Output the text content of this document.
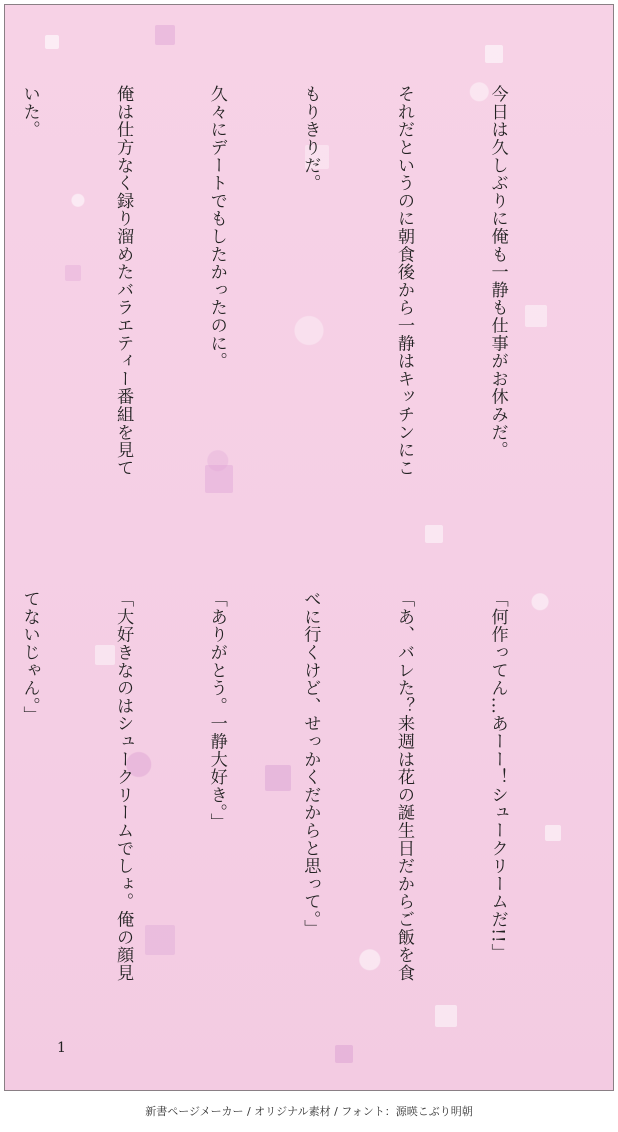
今日は久しぶりに俺も一静も仕事がお休みだ。

それだというのに朝食後から一静はキッチンにこ

もりきりだ。

久々にデートでもしたかったのに。

俺は仕方なく録り溜めたバラエティー番組を見て

いた。

「何作ってん…あーー！シュークリームだ!!」

「あ、バレた？来週は花の誕生日だからご飯を食

べに行くけど、せっかくだからと思って。」

「ありがとう。一静大好き。」

「大好きなのはシュークリームでしょ。俺の顔見

てないじゃん。」

1
新書ページメーカー / オリジナル素材 / フォント：源暎こぶり明朝
